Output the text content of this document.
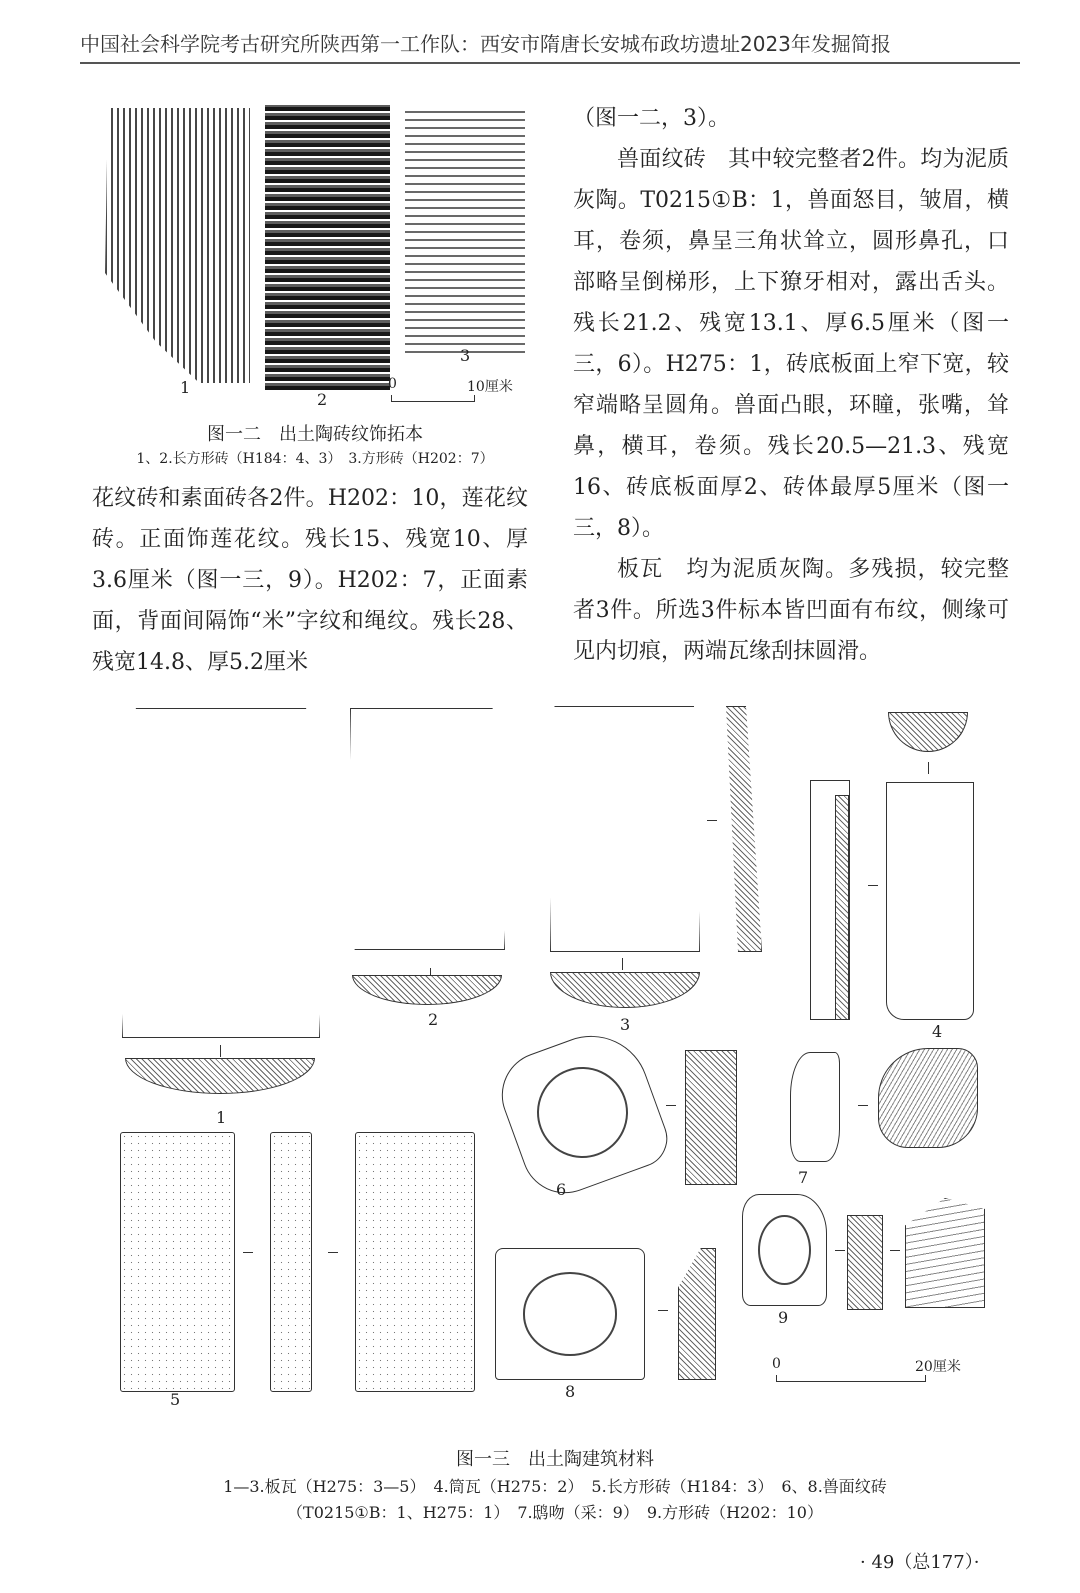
中国社会科学院考古研究所陕西第一工作队：西安市隋唐长安城布政坊遗址2023年发掘简报
1
2
3
0	10厘米
图一二　出土陶砖纹饰拓本
1、2.长方形砖（H184：4、3）　3.方形砖（H202：7）

花纹砖和素面砖各2件。H202：10，莲花纹砖。正面饰莲花纹。残长15、残宽10、厚3.6厘米（图一三，9）。H202：7，正面素面，背面间隔饰“米”字纹和绳纹。残长28、残宽14.8、厚5.2厘米

（图一二，3）。

兽面纹砖　其中较完整者2件。均为泥质灰陶。T0215①B：1，兽面怒目，皱眉，横耳，卷须，鼻呈三角状耸立，圆形鼻孔，口部略呈倒梯形，上下獠牙相对，露出舌头。残长21.2、残宽13.1、厚6.5厘米（图一三，6）。H275：1，砖底板面上窄下宽，较窄端略呈圆角。兽面凸眼，环瞳，张嘴，耸鼻，横耳，卷须。残长20.5—21.3、残宽16、砖底板面厚2、砖体最厚5厘米（图一三，8）。

板瓦　均为泥质灰陶。多残损，较完整者3件。所选3件标本皆凹面有布纹，侧缘可见内切痕，两端瓦缘刮抹圆滑。

1
2	3	4
5
6
7
8
9
0	20厘米
图一三　出土陶建筑材料
1—3.板瓦（H275：3—5）　4.筒瓦（H275：2）　5.长方形砖（H184：3）　6、8.兽面纹砖
（T0215①B：1、H275：1）　7.鸱吻（采：9）　9.方形砖（H202：10）
· 49（总177）·
